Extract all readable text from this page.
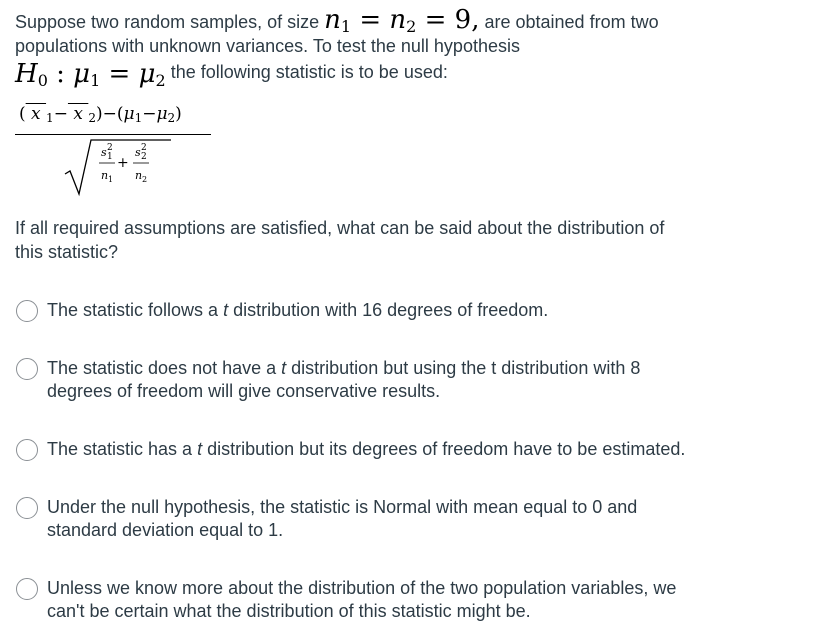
Suppose two random samples, of size $n_1 = n_2 = 9$, are obtained from two
populations with unknown variances. To test the null hypothesis
$H_0$ : $\mu_1 = \mu_2$ the following statistic is to be used:
( x $_1$− x $_2)-(\mu_1-\mu_2)$
s 2
1
n 1
+
s 2
2
n 2
If all required assumptions are satisfied, what can be said about the distribution of
this statistic?
The statistic follows a t distribution with 16 degrees of freedom.
The statistic does not have a t distribution but using the t distribution with 8
degrees of freedom will give conservative results.
The statistic has a t distribution but its degrees of freedom have to be estimated.
Under the null hypothesis, the statistic is Normal with mean equal to 0 and
standard deviation equal to 1.
Unless we know more about the distribution of the two population variables, we
can't be certain what the distribution of this statistic might be.
